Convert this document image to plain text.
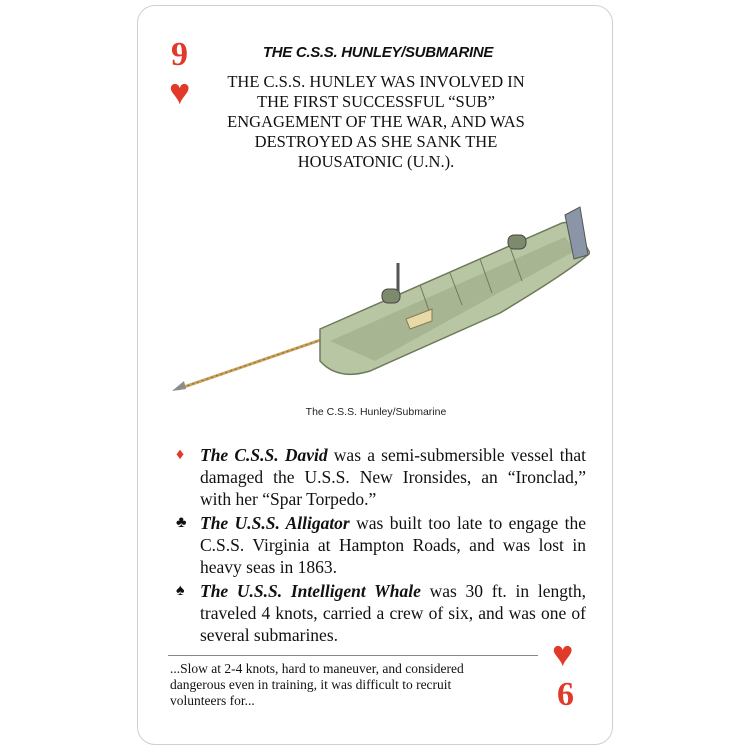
9
♥
THE C.S.S. HUNLEY/SUBMARINE
THE C.S.S. HUNLEY WAS INVOLVED IN THE FIRST SUCCESSFUL “SUB” ENGAGEMENT OF THE WAR, AND WAS DESTROYED AS SHE SANK THE HOUSATONIC (U.N.).
The C.S.S. Hunley/Submarine

♦ The C.S.S. David was a semi-submersible vessel that damaged the U.S.S. New Ironsides, an “Ironclad,” with her “Spar Torpedo.”

♣ The U.S.S. Alligator was built too late to engage the C.S.S. Virginia at Hampton Roads, and was lost in heavy seas in 1863.

♠ The U.S.S. Intelligent Whale was 30 ft. in length, traveled 4 knots, carried a crew of six, and was one of several submarines.

...Slow at 2-4 knots, hard to maneuver, and considered dangerous even in training, it was difficult to recruit volunteers for...
♥
6
